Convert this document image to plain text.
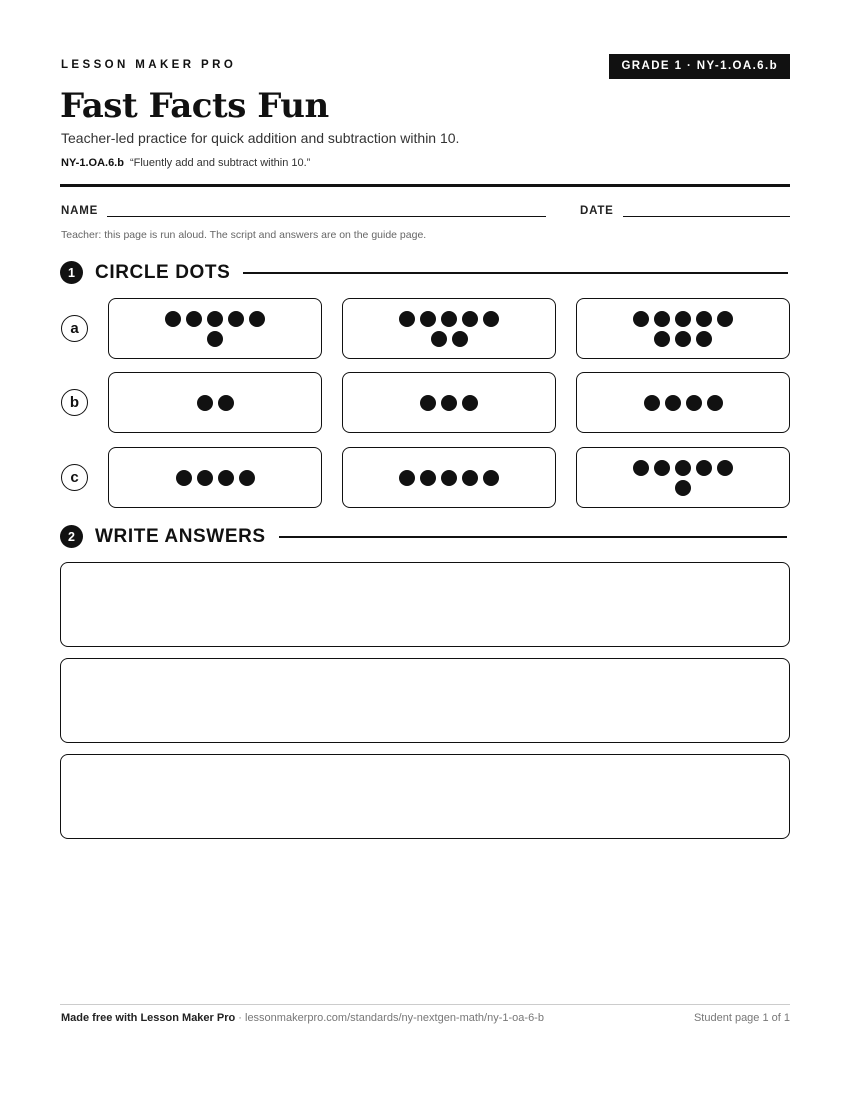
LESSON MAKER PRO	GRADE 1 · NY-1.OA.6.b
Fast Facts Fun
Teacher-led practice for quick addition and subtraction within 10.
NY-1.OA.6.b “Fluently add and subtract within 10.”
NAME	DATE
Teacher: this page is run aloud. The script and answers are on the guide page.
1	CIRCLE DOTS
a
b
c
2	WRITE ANSWERS
Made free with Lesson Maker Pro · lessonmakerpro.com/standards/ny-nextgen-math/ny-1-oa-6-b	Student page 1 of 1
